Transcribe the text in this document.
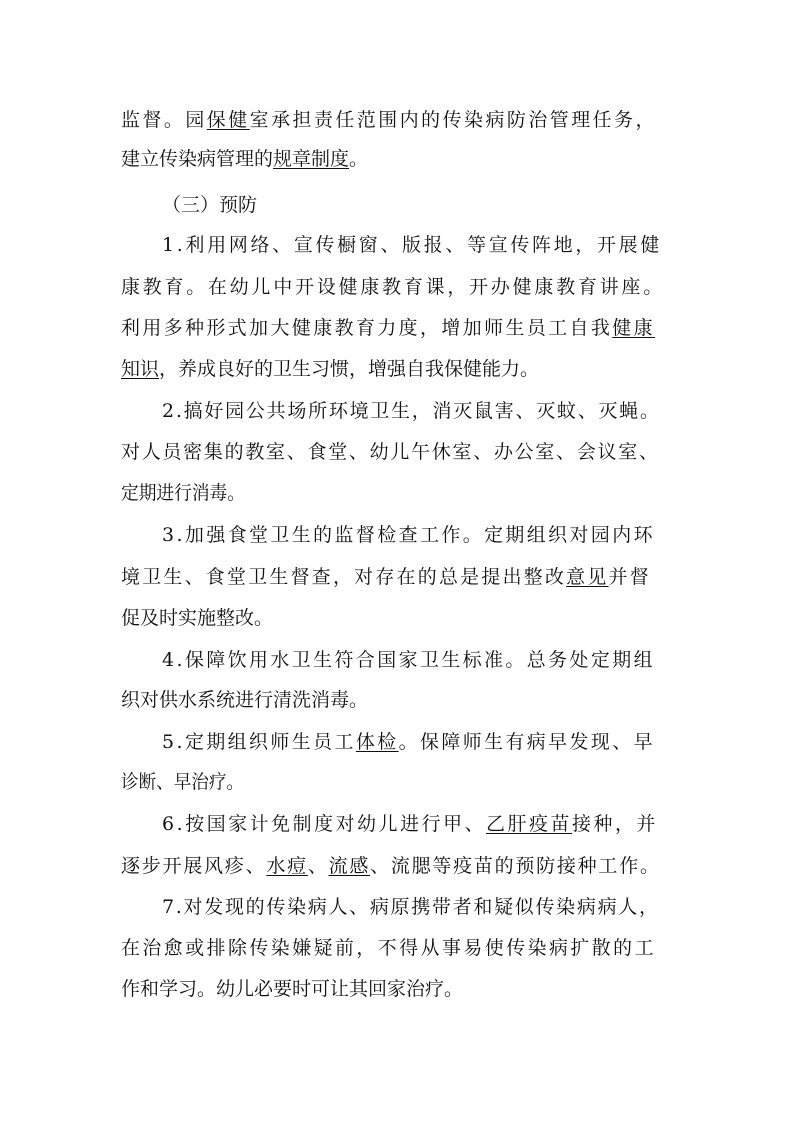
监督。园保健室承担责任范围内的传染病防治管理任务，
建立传染病管理的规章制度。
（三）预防
1.利用网络、宣传橱窗、版报、等宣传阵地，开展健
康教育。在幼儿中开设健康教育课，开办健康教育讲座。
利用多种形式加大健康教育力度，增加师生员工自我健康
知识，养成良好的卫生习惯，增强自我保健能力。
2.搞好园公共场所环境卫生，消灭鼠害、灭蚊、灭蝇。
对人员密集的教室、食堂、幼儿午休室、办公室、会议室、
定期进行消毒。
3.加强食堂卫生的监督检查工作。定期组织对园内环
境卫生、食堂卫生督查，对存在的总是提出整改意见并督
促及时实施整改。
4.保障饮用水卫生符合国家卫生标准。总务处定期组
织对供水系统进行清洗消毒。
5.定期组织师生员工体检。保障师生有病早发现、早
诊断、早治疗。
6.按国家计免制度对幼儿进行甲、乙肝疫苗接种，并
逐步开展风疹、水痘、流感、流腮等疫苗的预防接种工作。
7.对发现的传染病人、病原携带者和疑似传染病病人，
在治愈或排除传染嫌疑前，不得从事易使传染病扩散的工
作和学习。幼儿必要时可让其回家治疗。
